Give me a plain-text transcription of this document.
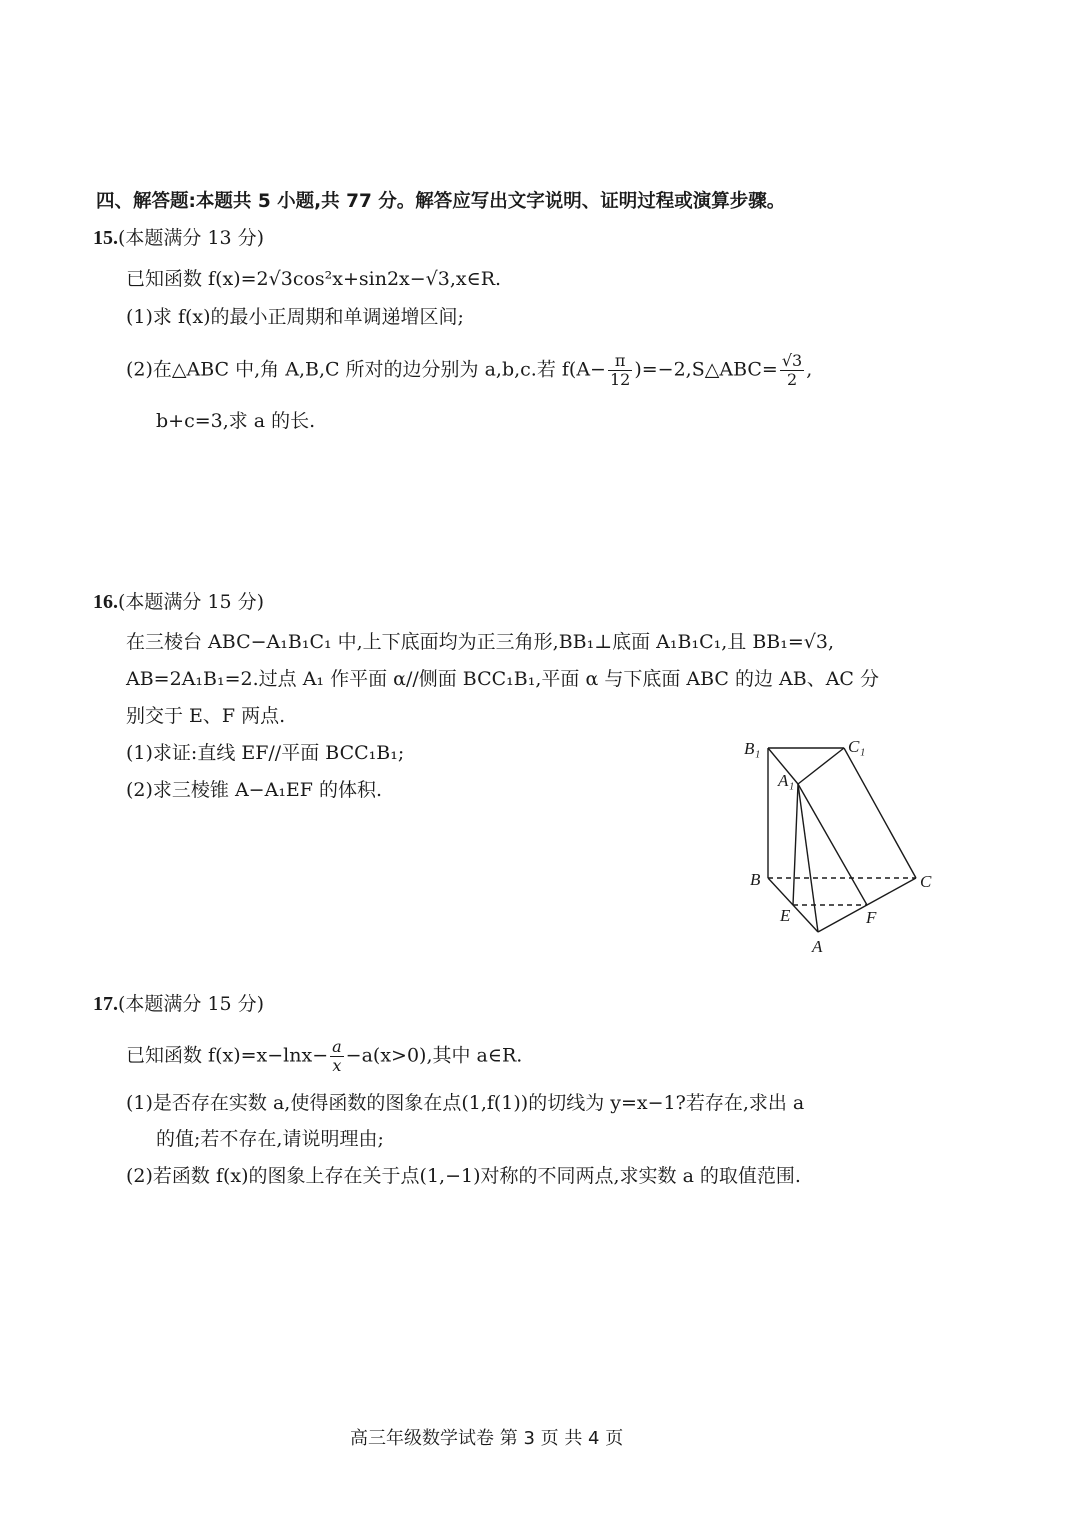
四、解答题:本题共 5 小题,共 77 分。解答应写出文字说明、证明过程或演算步骤。
15.(本题满分 13 分)
已知函数 f(x)=2√3cos²x+sin2x−√3,x∈R.
(1)求 f(x)的最小正周期和单调递增区间;
(2)在△ABC 中,角 A,B,C 所对的边分别为 a,b,c.若 $f(A- \frac{\pi}{12}$ )=−2,S△ABC= $\frac{√3}{2}$ ,
b+c=3,求 a 的长.
16.(本题满分 15 分)
在三棱台 ABC−A₁B₁C₁ 中,上下底面均为正三角形,BB₁⊥底面 A₁B₁C₁,且 BB₁=√3,
AB=2A₁B₁=2.过点 A₁ 作平面 α//侧面 BCC₁B₁,平面 α 与下底面 ABC 的边 AB、AC 分
别交于 E、F 两点.
(1)求证:直线 EF//平面 BCC₁B₁;
(2)求三棱锥 A−A₁EF 的体积.
B₁	C₁
A₁
B	C
E	F
A
17.(本题满分 15 分)
已知函数 $f(x)=x-\ln x- \frac{a}{x} -a(x>0)$,其中 a∈R.
(1)是否存在实数 a,使得函数的图象在点(1,f(1))的切线为 y=x−1?若存在,求出 a
的值;若不存在,请说明理由;
(2)若函数 f(x)的图象上存在关于点(1,−1)对称的不同两点,求实数 a 的取值范围.
高三年级数学试卷 第 3 页 共 4 页
